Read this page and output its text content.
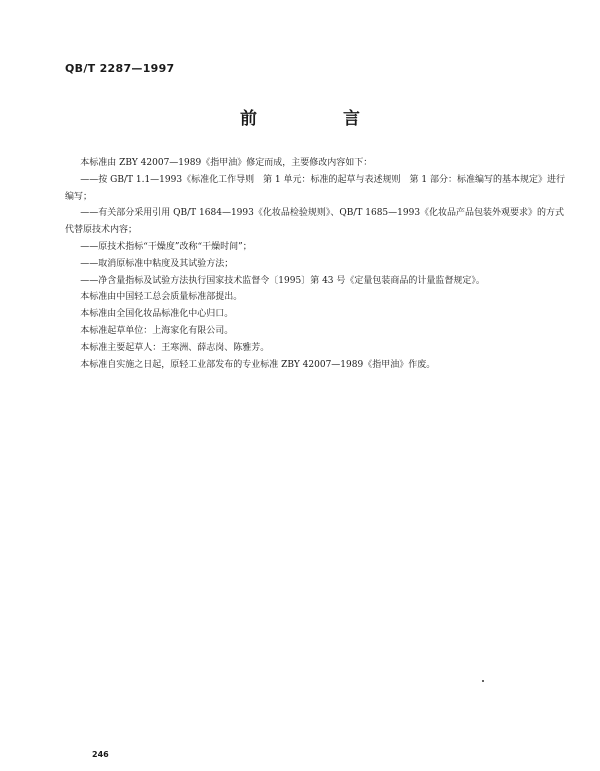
QB/T 2287—1997
前 言

本标准由 ZBY 42007—1989《指甲油》修定而成，主要修改内容如下：

——按 GB/T 1.1—1993《标准化工作导则　第 1 单元：标准的起草与表述规则　第 1 部分：标准编写的基本规定》进行编写；

——有关部分采用引用 QB/T 1684—1993《化妆品检验规则》、QB/T 1685—1993《化妆品产品包装外观要求》的方式代替原技术内容；

——原技术指标“干燥度”改称“干燥时间”；

——取消原标准中粘度及其试验方法；

——净含量指标及试验方法执行国家技术监督令〔1995〕第 43 号《定量包装商品的计量监督规定》。

本标准由中国轻工总会质量标准部提出。

本标准由全国化妆品标准化中心归口。

本标准起草单位：上海家化有限公司。

本标准主要起草人：王寒洲、薛志岗、陈雅芳。

本标准自实施之日起，原轻工业部发布的专业标准 ZBY 42007—1989《指甲油》作废。

246
